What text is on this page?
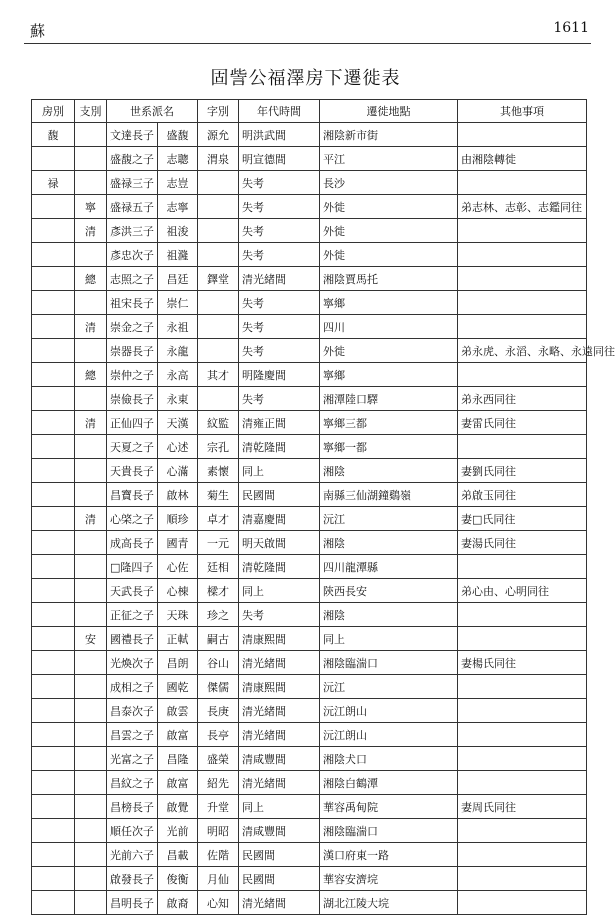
蘇	1611
固訾公福澤房下遷徙表
房別	支別	世系派名		字別	年代時間	遷徙地點	其他事項
馥		文達長子	盛馥	源允	明洪武間	湘陰新市街	
		盛馥之子	志聰	渭泉	明宣德間	平江	由湘陰轉徙
禄		盛禄三子	志豈		失考	長沙	
	寧	盛禄五子	志寧		失考	外徙	弟志林、志彰、志鑑同往
	清	彥洪三子	祖浚		失考	外徙	
		彥忠次子	祖漋		失考	外徙	
	總	志照之子	昌廷	鐸堂	清光緒間	湘陰賈馬托	
		祖宋長子	崇仁		失考	寧鄉	
	清	崇金之子	永祖		失考	四川	
		崇器長子	永龍		失考	外徙	弟永虎、永滔、永略、永遠同往
	總	崇仲之子	永高	其才	明隆慶間	寧鄉	
		崇儉長子	永東		失考	湘潭陸口驛	弟永西同往
	清	正仙四子	天漢	紋監	清雍正間	寧鄉三都	妻雷氏同往
		天夏之子	心述	宗孔	清乾隆間	寧鄉一都	
		天貴長子	心滿	素懷	同上	湘陰	妻劉氏同往
		昌寶長子	啟林	菊生	民國間	南縣三仙湖鐘鷄嶺	弟啟玉同往
	清	心棨之子	順珍	卓才	清嘉慶間	沅江	妻□氏同往
		成高長子	國青	一元	明天啟間	湘陰	妻湯氏同往
		□隆四子	心佐	廷相	清乾隆間	四川龍潭縣	
		天武長子	心棟	樑才	同上	陝西長安	弟心由、心明同往
		正征之子	天珠	珍之	失考	湘陰	
	安	國禮長子	正軾	嗣古	清康熙間	同上	
		光煥次子	昌朗	谷山	清光緒間	湘陰臨湍口	妻楊氏同往
		成相之子	國乾	傑儒	清康熙間	沅江	
		昌泰次子	啟雲	長庚	清光緒間	沅江朗山	
		昌雲之子	啟富	長亭	清光緒間	沅江朗山	
		光富之子	昌隆	盛榮	清咸豐間	湘陰犬口	
		昌紋之子	啟富	紹先	清光緒間	湘陰白鶴潭	
		昌榜長子	啟覺	升堂	同上	華容禹甸院	妻周氏同往
		順任次子	光前	明昭	清咸豐間	湘陰臨湍口	
		光前六子	昌載	佐階	民國間	漢口府東一路	
		啟發長子	俊衡	月仙	民國間	華容安濟垸	
		昌明長子	啟裔	心知	清光緒間	湖北江陵大垸	
